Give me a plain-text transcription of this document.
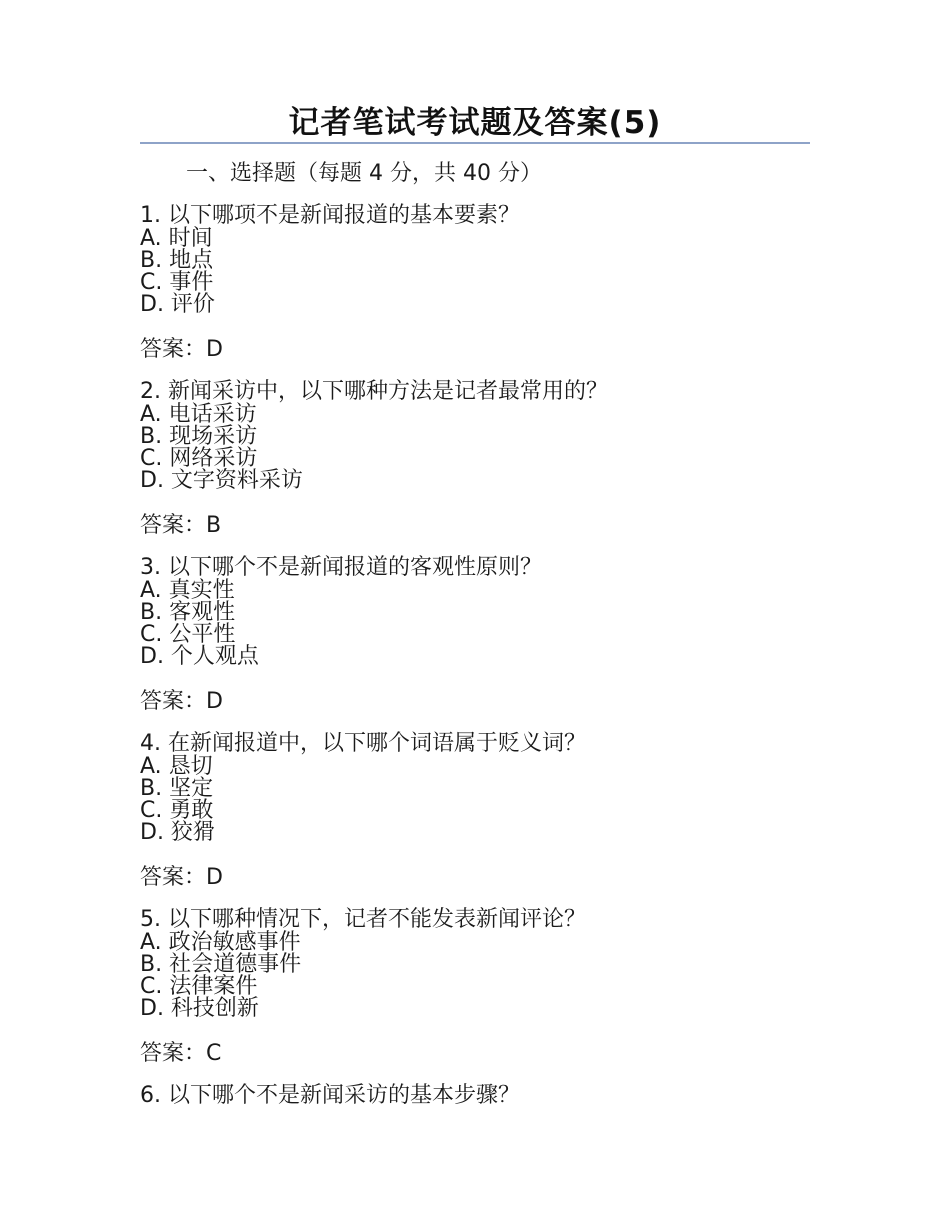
记者笔试考试题及答案(5)

一、选择题（每题 4 分，共 40 分）

1. 以下哪项不是新闻报道的基本要素？

A. 时间
B. 地点
C. 事件
D. 评价

答案：D

2. 新闻采访中，以下哪种方法是记者最常用的？

A. 电话采访
B. 现场采访
C. 网络采访
D. 文字资料采访

答案：B

3. 以下哪个不是新闻报道的客观性原则？

A. 真实性
B. 客观性
C. 公平性
D. 个人观点

答案：D

4. 在新闻报道中，以下哪个词语属于贬义词？

A. 恳切
B. 坚定
C. 勇敢
D. 狡猾

答案：D

5. 以下哪种情况下，记者不能发表新闻评论？

A. 政治敏感事件
B. 社会道德事件
C. 法律案件
D. 科技创新

答案：C

6. 以下哪个不是新闻采访的基本步骤？
